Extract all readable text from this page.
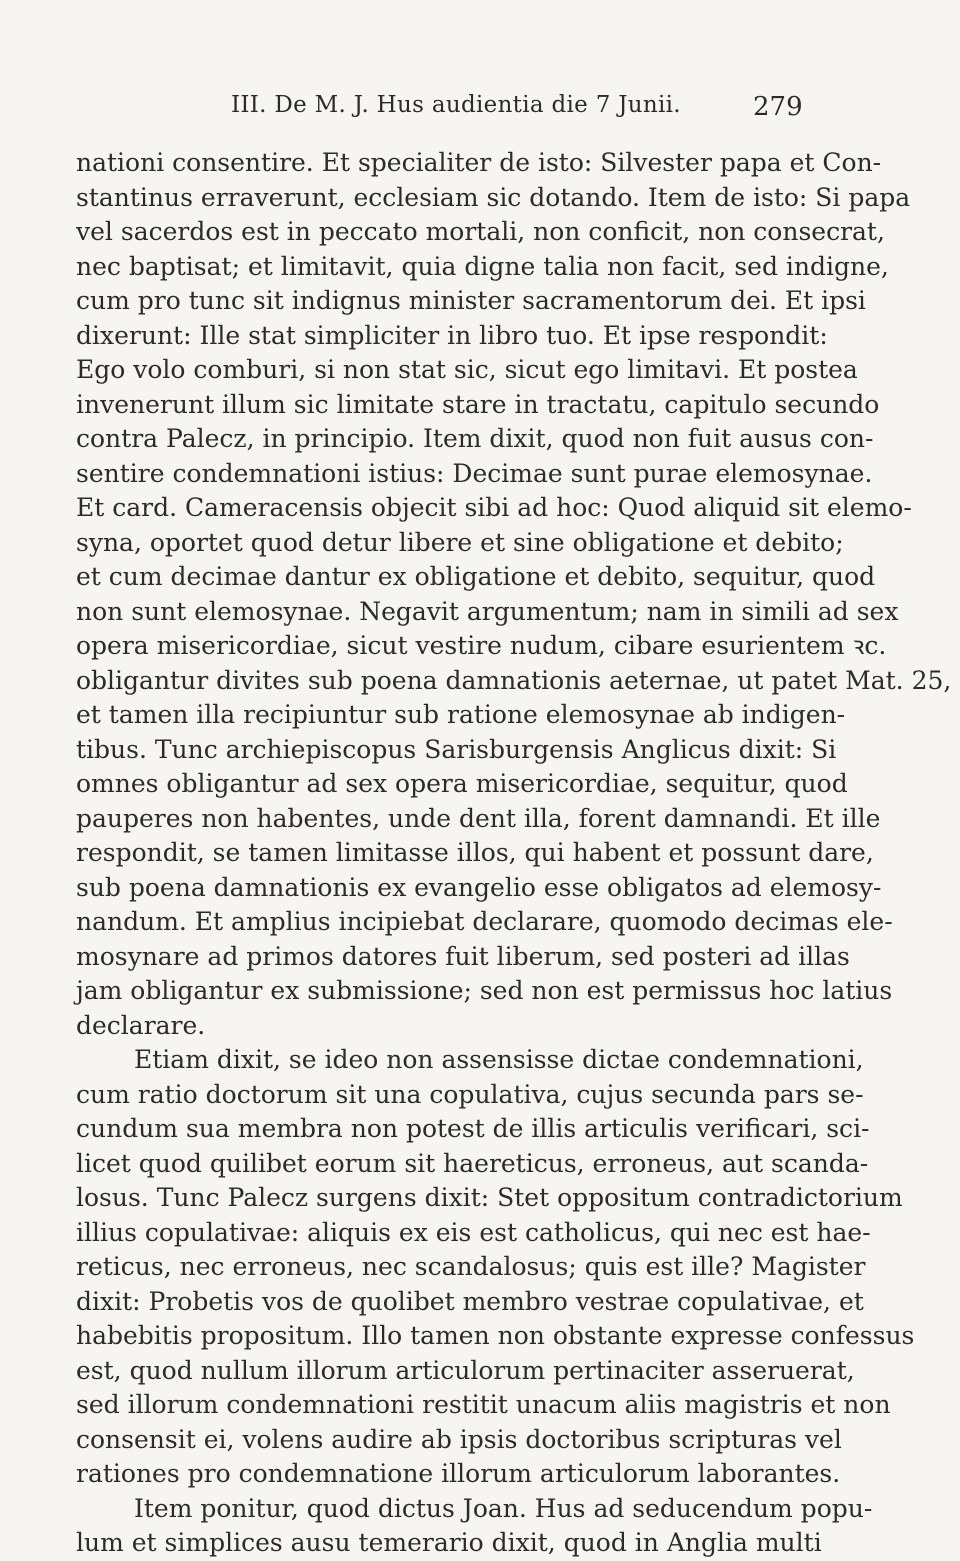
III. De M. J. Hus audientia die 7 Junii.	279
nationi consentire. Et specialiter de isto: Silvester papa et Con-
stantinus erraverunt, ecclesiam sic dotando. Item de isto: Si papa
vel sacerdos est in peccato mortali, non conficit, non consecrat,
nec baptisat; et limitavit, quia digne talia non facit, sed indigne,
cum pro tunc sit indignus minister sacramentorum dei. Et ipsi
dixerunt: Ille stat simpliciter in libro tuo. Et ipse respondit:
Ego volo comburi, si non stat sic, sicut ego limitavi. Et postea
invenerunt illum sic limitate stare in tractatu, capitulo secundo
contra Palecz, in principio. Item dixit, quod non fuit ausus con-
sentire condemnationi istius: Decimae sunt purae elemosynae.
Et card. Cameracensis objecit sibi ad hoc: Quod aliquid sit elemo-
syna, oportet quod detur libere et sine obligatione et debito;
et cum decimae dantur ex obligatione et debito, sequitur, quod
non sunt elemosynae. Negavit argumentum; nam in simili ad sex
opera misericordiae, sicut vestire nudum, cibare esurientem ꝛc.
obligantur divites sub poena damnationis aeternae, ut patet Mat. 25,
et tamen illa recipiuntur sub ratione elemosynae ab indigen-
tibus. Tunc archiepiscopus Sarisburgensis Anglicus dixit: Si
omnes obligantur ad sex opera misericordiae, sequitur, quod
pauperes non habentes, unde dent illa, forent damnandi. Et ille
respondit, se tamen limitasse illos, qui habent et possunt dare,
sub poena damnationis ex evangelio esse obligatos ad elemosy-
nandum. Et amplius incipiebat declarare, quomodo decimas ele-
mosynare ad primos datores fuit liberum, sed posteri ad illas
jam obligantur ex submissione; sed non est permissus hoc latius
declarare.
Etiam dixit, se ideo non assensisse dictae condemnationi,
cum ratio doctorum sit una copulativa, cujus secunda pars se-
cundum sua membra non potest de illis articulis verificari, sci-
licet quod quilibet eorum sit haereticus, erroneus, aut scanda-
losus. Tunc Palecz surgens dixit: Stet oppositum contradictorium
illius copulativae: aliquis ex eis est catholicus, qui nec est hae-
reticus, nec erroneus, nec scandalosus; quis est ille? Magister
dixit: Probetis vos de quolibet membro vestrae copulativae, et
habebitis propositum. Illo tamen non obstante expresse confessus
est, quod nullum illorum articulorum pertinaciter asseruerat,
sed illorum condemnationi restitit unacum aliis magistris et non
consensit ei, volens audire ab ipsis doctoribus scripturas vel
rationes pro condemnatione illorum articulorum laborantes.
Item ponitur, quod dictus Joan. Hus ad seducendum popu-
lum et simplices ausu temerario dixit, quod in Anglia multi
